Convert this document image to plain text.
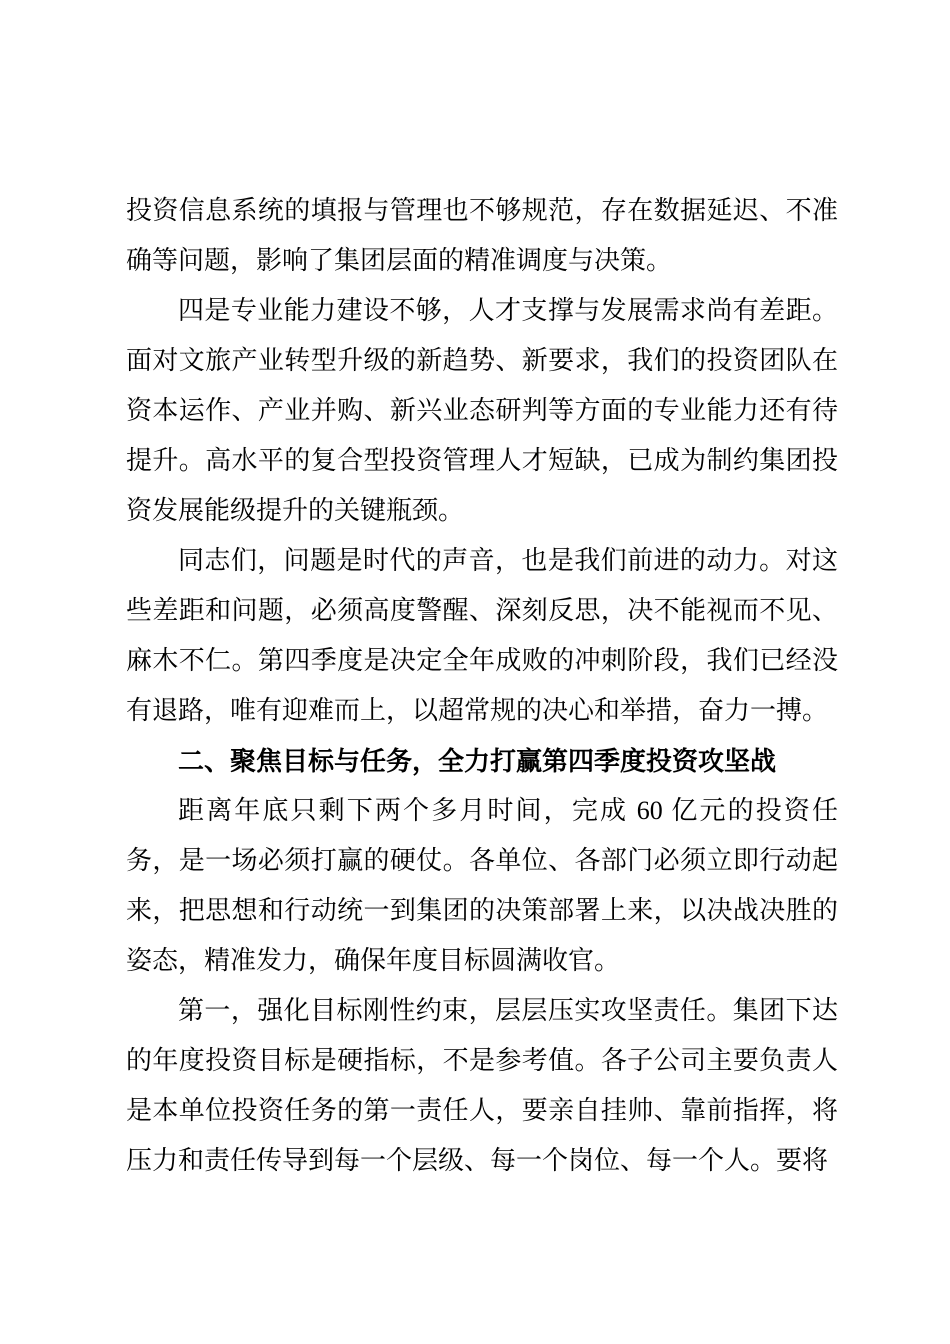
投资信息系统的填报与管理也不够规范，存在数据延迟、不准确等问题，影响了集团层面的精准调度与决策。

四是专业能力建设不够，人才支撑与发展需求尚有差距。面对文旅产业转型升级的新趋势、新要求，我们的投资团队在资本运作、产业并购、新兴业态研判等方面的专业能力还有待提升。高水平的复合型投资管理人才短缺，已成为制约集团投资发展能级提升的关键瓶颈。

同志们，问题是时代的声音，也是我们前进的动力。对这些差距和问题，必须高度警醒、深刻反思，决不能视而不见、麻木不仁。第四季度是决定全年成败的冲刺阶段，我们已经没有退路，唯有迎难而上，以超常规的决心和举措，奋力一搏。

二、聚焦目标与任务，全力打赢第四季度投资攻坚战

距离年底只剩下两个多月时间，完成 60 亿元的投资任务，是一场必须打赢的硬仗。各单位、各部门必须立即行动起来，把思想和行动统一到集团的决策部署上来，以决战决胜的姿态，精准发力，确保年度目标圆满收官。

第一，强化目标刚性约束，层层压实攻坚责任。集团下达的年度投资目标是硬指标，不是参考值。各子公司主要负责人是本单位投资任务的第一责任人，要亲自挂帅、靠前指挥，将压力和责任传导到每一个层级、每一个岗位、每一个人。要将
